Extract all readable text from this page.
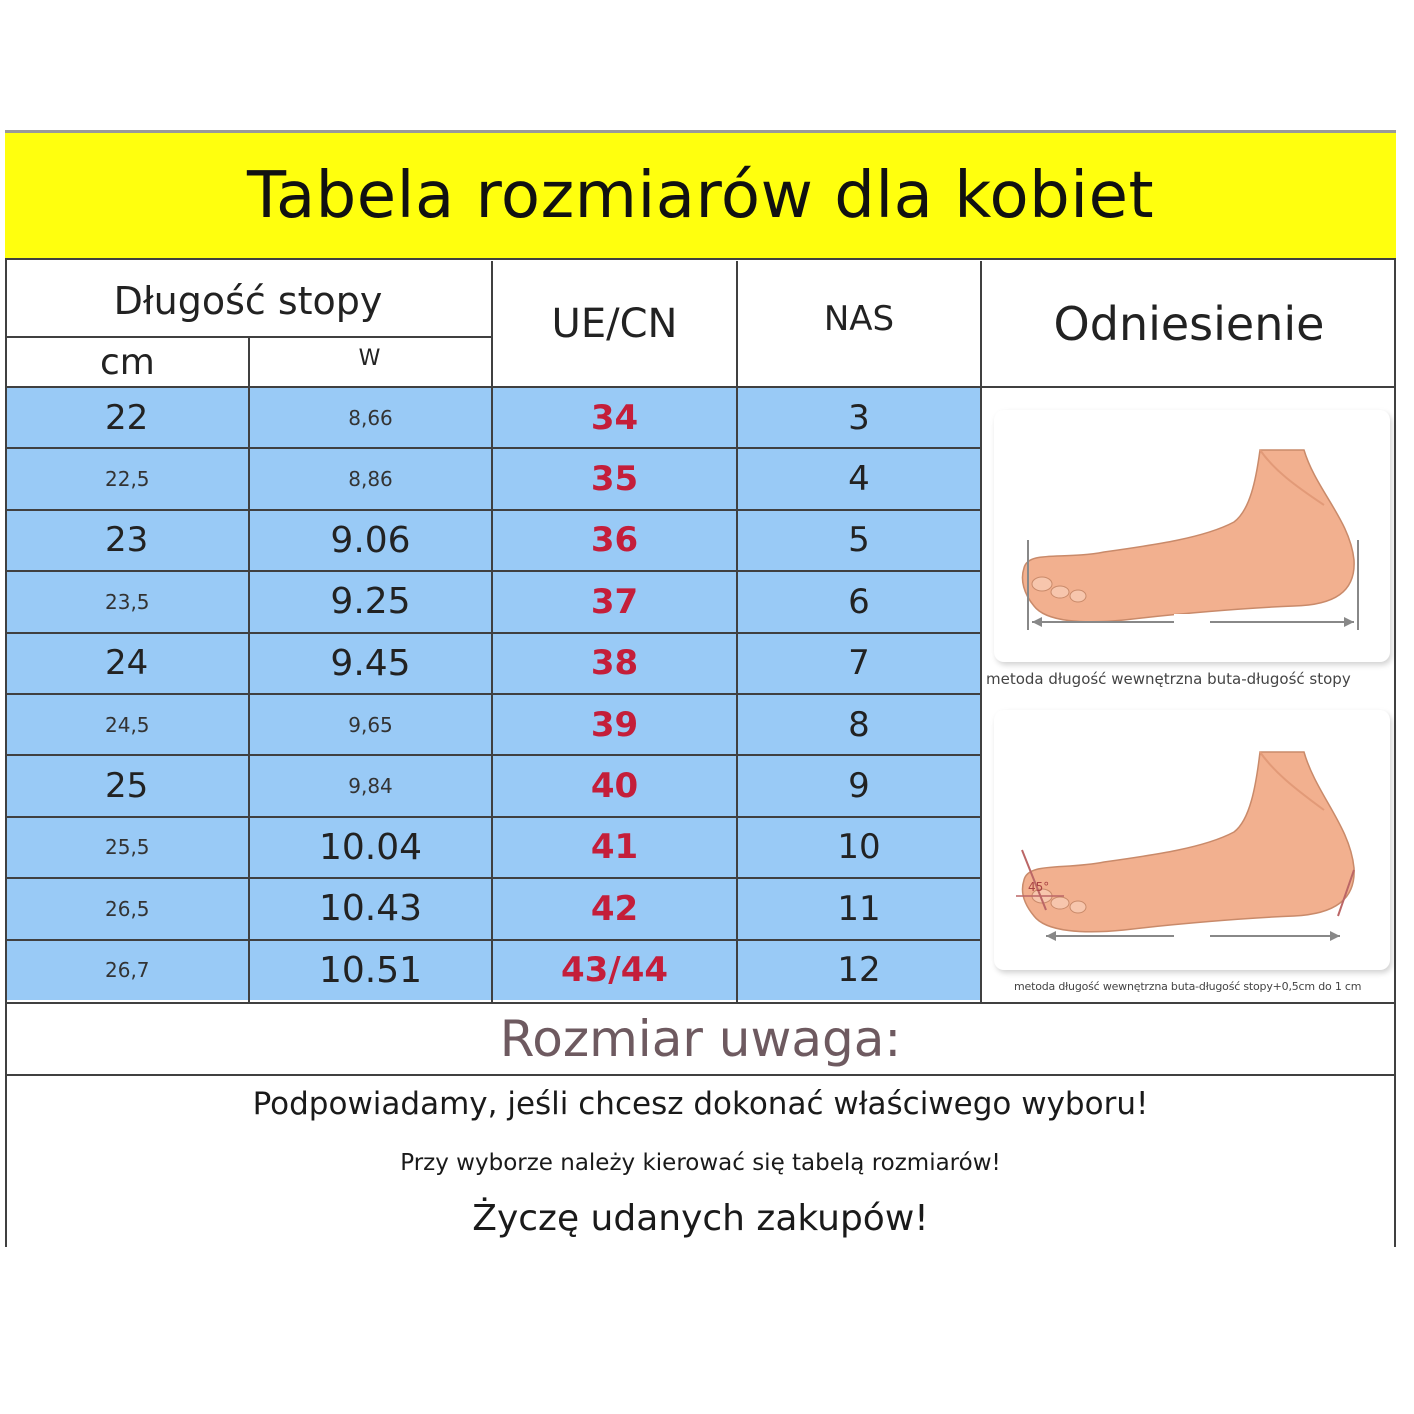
Tabela rozmiarów dla kobiet
Długość stopy
cm	W
UE/CN	NAS	Odniesienie
22	8,66	34	3
22,5	8,86	35	4
23	9.06	36	5
23,5	9.25	37	6
24	9.45	38	7
24,5	9,65	39	8
25	9,84	40	9
25,5	10.04	41	10
26,5	10.43	42	11
26,7	10.51	43/44	12
metoda długość wewnętrzna buta-długość stopy
45°
metoda długość wewnętrzna buta-długość stopy+0,5cm do 1 cm
Rozmiar uwaga:
Podpowiadamy, jeśli chcesz dokonać właściwego wyboru!
Przy wyborze należy kierować się tabelą rozmiarów!
Życzę udanych zakupów!
